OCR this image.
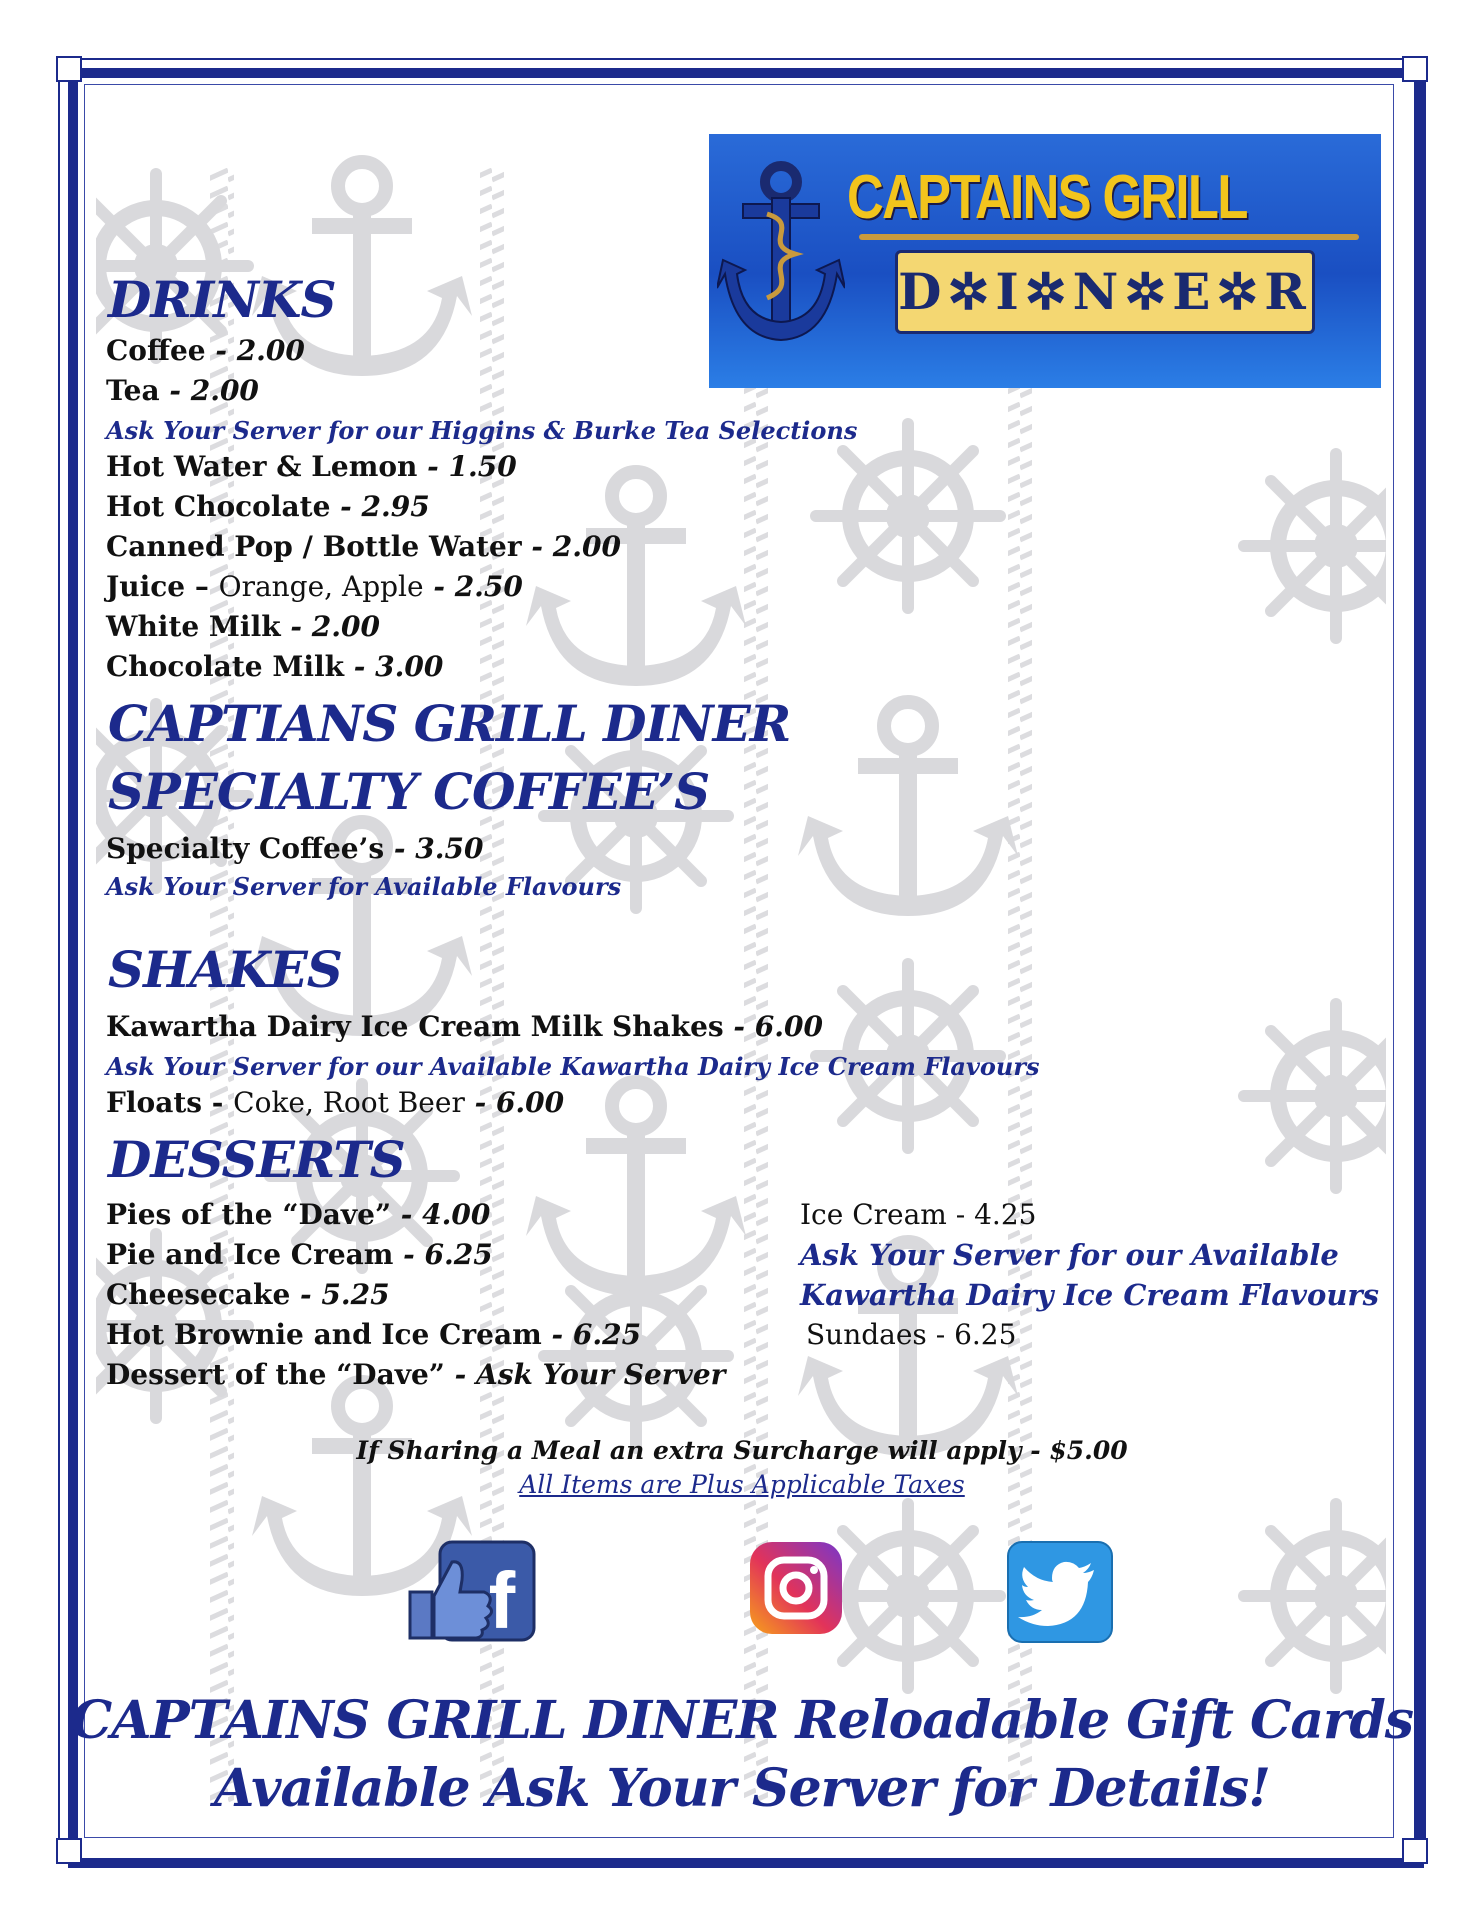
CAPTAINS GRILL
D✲I✲N✲E✲R
DRINKS
Coffee - 2.00
Tea - 2.00
Ask Your Server for our Higgins & Burke Tea Selections
Hot Water & Lemon - 1.50
Hot Chocolate - 2.95
Canned Pop / Bottle Water - 2.00
Juice – Orange, Apple - 2.50
White Milk - 2.00
Chocolate Milk - 3.00
CAPTIANS GRILL DINER
SPECIALTY COFFEE’S
Specialty Coffee’s - 3.50
Ask Your Server for Available Flavours
SHAKES
Kawartha Dairy Ice Cream Milk Shakes - 6.00
Ask Your Server for our Available Kawartha Dairy Ice Cream Flavours
Floats - Coke, Root Beer - 6.00
DESSERTS
Pies of the “Dave” - 4.00
Pie and Ice Cream - 6.25
Cheesecake - 5.25
Hot Brownie and Ice Cream - 6.25
Dessert of the “Dave” - Ask Your Server
Ice Cream - 4.25
Ask Your Server for our Available
Kawartha Dairy Ice Cream Flavours
Sundaes - 6.25
If Sharing a Meal an extra Surcharge will apply - $5.00
All Items are Plus Applicable Taxes
f
CAPTAINS GRILL DINER Reloadable Gift Cards
Available Ask Your Server for Details!
